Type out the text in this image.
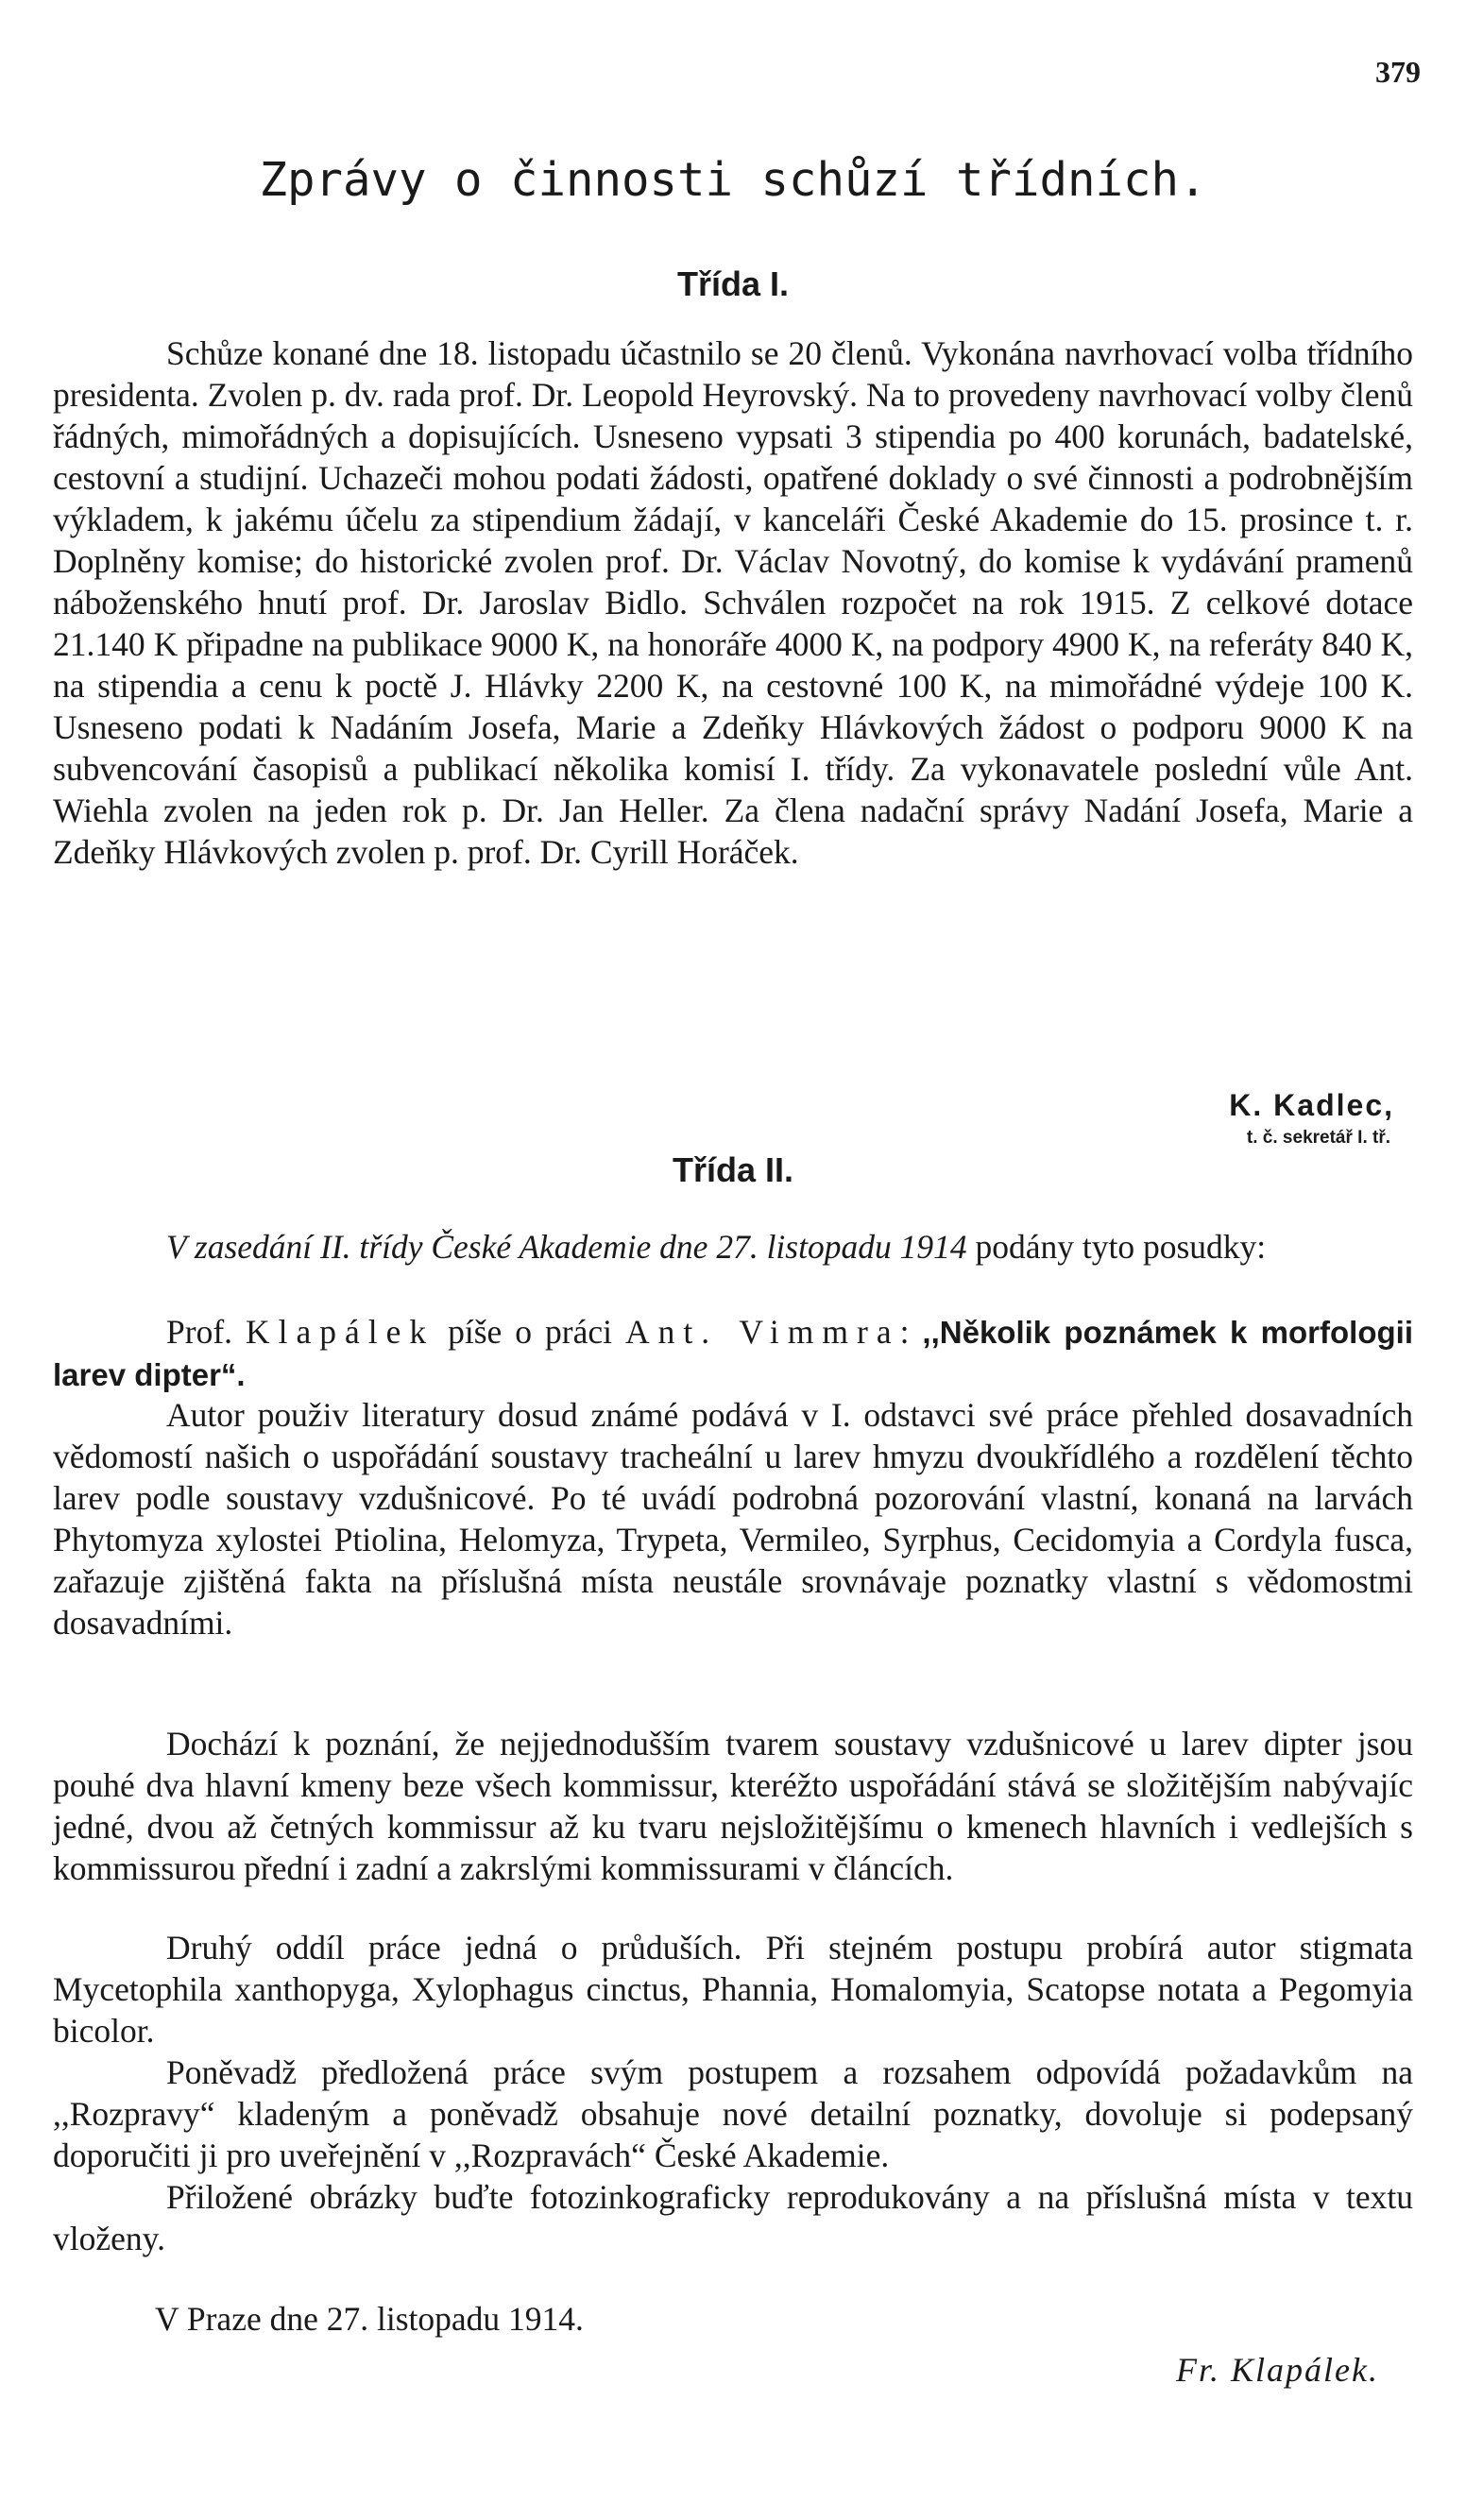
379
Zprávy o činnosti schůzí třídních.
Třída I.

Schůze konané dne 18. listopadu účastnilo se 20 členů. Vykonána navrhovací volba třídního presidenta. Zvolen p. dv. rada prof. Dr. Leopold Heyrovský. Na to provedeny navrhovací volby členů řádných, mimořádných a dopisujících. Usneseno vypsati 3 stipendia po 400 korunách, badatelské, cestovní a studijní. Uchazeči mohou podati žádosti, opatřené doklady o své činnosti a podrobnějším výkladem, k jakému účelu za stipendium žádají, v kanceláři České Akademie do 15. prosince t. r. Doplněny komise; do historické zvolen prof. Dr. Václav Novotný, do komise k vydávání pramenů náboženského hnutí prof. Dr. Jaroslav Bidlo. Schválen rozpočet na rok 1915. Z celkové dotace 21.140 K připadne na publikace 9000 K, na honoráře 4000 K, na podpory 4900 K, na referáty 840 K, na stipendia a cenu k poctě J. Hlávky 2200 K, na cestovné 100 K, na mimořádné výdeje 100 K. Usneseno podati k Nadáním Josefa, Marie a Zdeňky Hlávkových žádost o podporu 9000 K na subvencování časopisů a publikací několika komisí I. třídy. Za vykonavatele poslední vůle Ant. Wiehla zvolen na jeden rok p. Dr. Jan Heller. Za člena nadační správy Nadání Josefa, Marie a Zdeňky Hlávkových zvolen p. prof. Dr. Cyrill Horáček.

K. Kadlec,
t. č. sekretář I. tř.
Třída II.

V zasedání II. třídy České Akademie dne 27. listopadu 1914 podány tyto posudky:

Prof. Klapálek píše o práci Ant. Vimmra: ,,Několik poznámek k morfologii larev dipter“.

Autor použiv literatury dosud známé podává v I. odstavci své práce přehled dosavadních vědomostí našich o uspořádání soustavy tracheální u larev hmyzu dvoukřídlého a rozdělení těchto larev podle soustavy vzdušnicové. Po té uvádí podrobná pozorování vlastní, konaná na larvách Phytomyza xylostei Ptiolina, Helomyza, Trypeta, Vermileo, Syrphus, Cecidomyia a Cordyla fusca, zařazuje zjištěná fakta na příslušná místa neustále srovnávaje poznatky vlastní s vědomostmi dosavadními.

Dochází k poznání, že nejjednodušším tvarem soustavy vzdušnicové u larev dipter jsou pouhé dva hlavní kmeny beze všech kommissur, kteréžto uspořádání stává se složitějším nabývajíc jedné, dvou až četných kommissur až ku tvaru nejsložitějšímu o kmenech hlavních i vedlejších s kommissurou přední i zadní a zakrslými kommissurami v článcích.

Druhý oddíl práce jedná o průduších. Při stejném postupu probírá autor stigmata Mycetophila xanthopyga, Xylophagus cinctus, Phannia, Homalomyia, Scatopse notata a Pegomyia bicolor.

Poněvadž předložená práce svým postupem a rozsahem odpovídá požadavkům na ,,Rozpravy“ kladeným a poněvadž obsahuje nové detailní poznatky, dovoluje si podepsaný doporučiti ji pro uveřejnění v ,,Rozpravách“ České Akademie.

Přiložené obrázky buďte fotozinkograficky reprodukovány a na příslušná místa v textu vloženy.

V Praze dne 27. listopadu 1914.
Fr. Klapálek.
